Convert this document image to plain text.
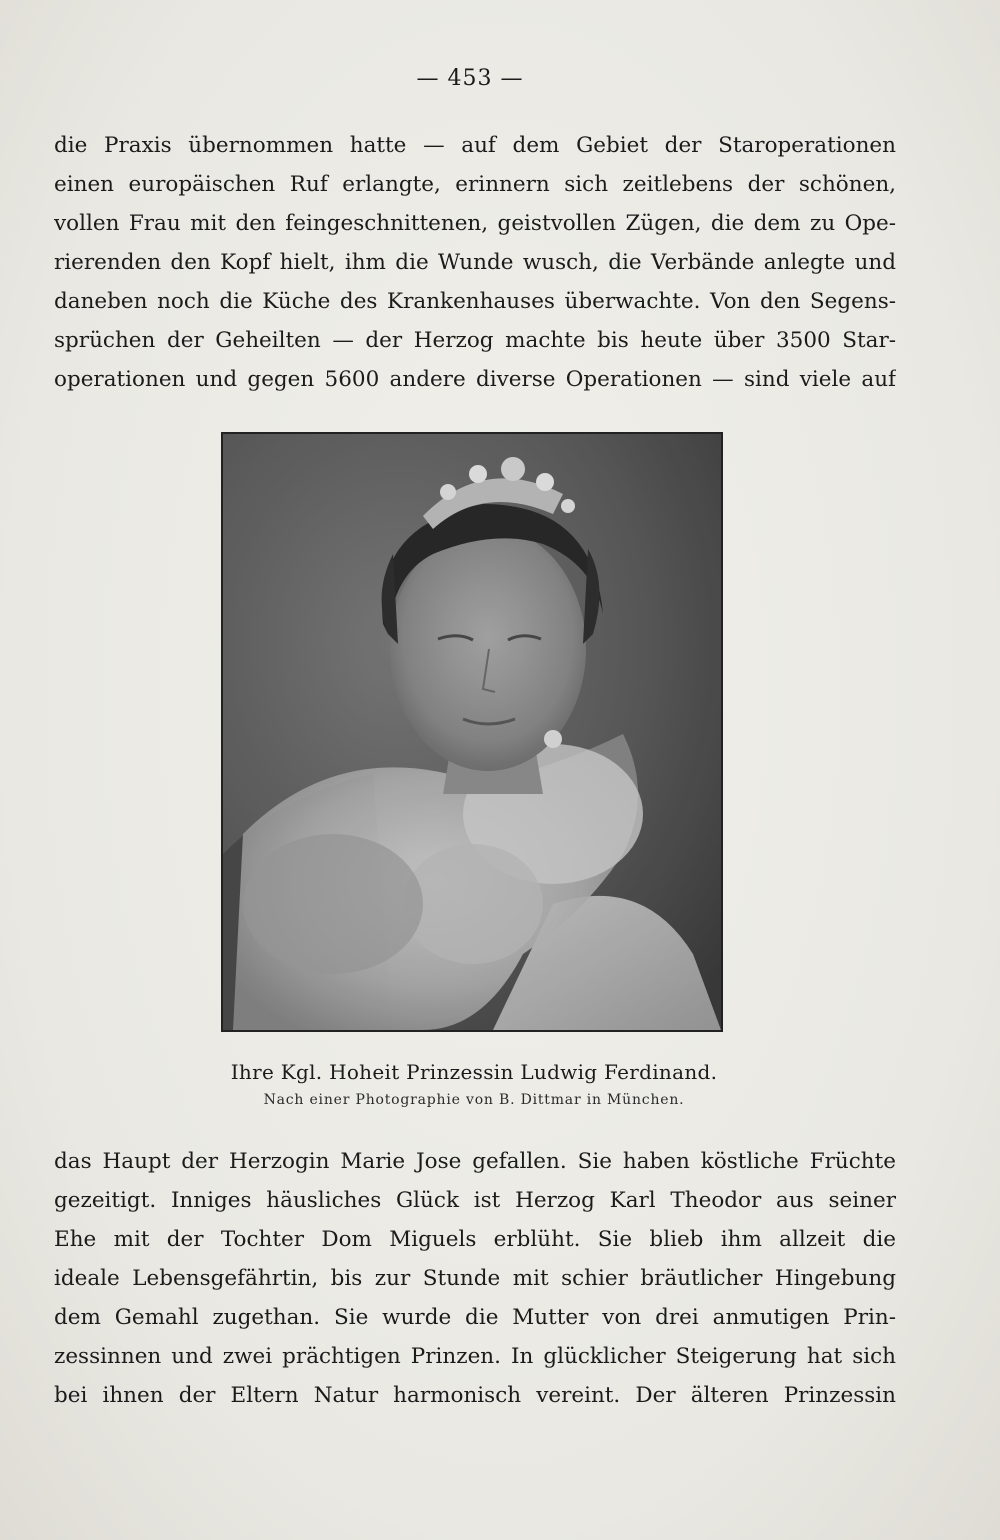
— 453 —
die Praxis übernommen hatte — auf dem Gebiet der Staroperationen
einen europäischen Ruf erlangte, erinnern sich zeitlebens der schönen,
vollen Frau mit den feingeschnittenen, geistvollen Zügen, die dem zu Ope-
rierenden den Kopf hielt, ihm die Wunde wusch, die Verbände anlegte und
daneben noch die Küche des Krankenhauses überwachte. Von den Segens-
sprüchen der Geheilten — der Herzog machte bis heute über 3500 Star-
operationen und gegen 5600 andere diverse Operationen — sind viele auf
Ihre Kgl. Hoheit Prinzessin Ludwig Ferdinand.
Nach einer Photographie von B. Dittmar in München.
das Haupt der Herzogin Marie Jose gefallen. Sie haben köstliche Früchte
gezeitigt. Inniges häusliches Glück ist Herzog Karl Theodor aus seiner
Ehe mit der Tochter Dom Miguels erblüht. Sie blieb ihm allzeit die
ideale Lebensgefährtin, bis zur Stunde mit schier bräutlicher Hingebung
dem Gemahl zugethan. Sie wurde die Mutter von drei anmutigen Prin-
zessinnen und zwei prächtigen Prinzen. In glücklicher Steigerung hat sich
bei ihnen der Eltern Natur harmonisch vereint. Der älteren Prinzessin
